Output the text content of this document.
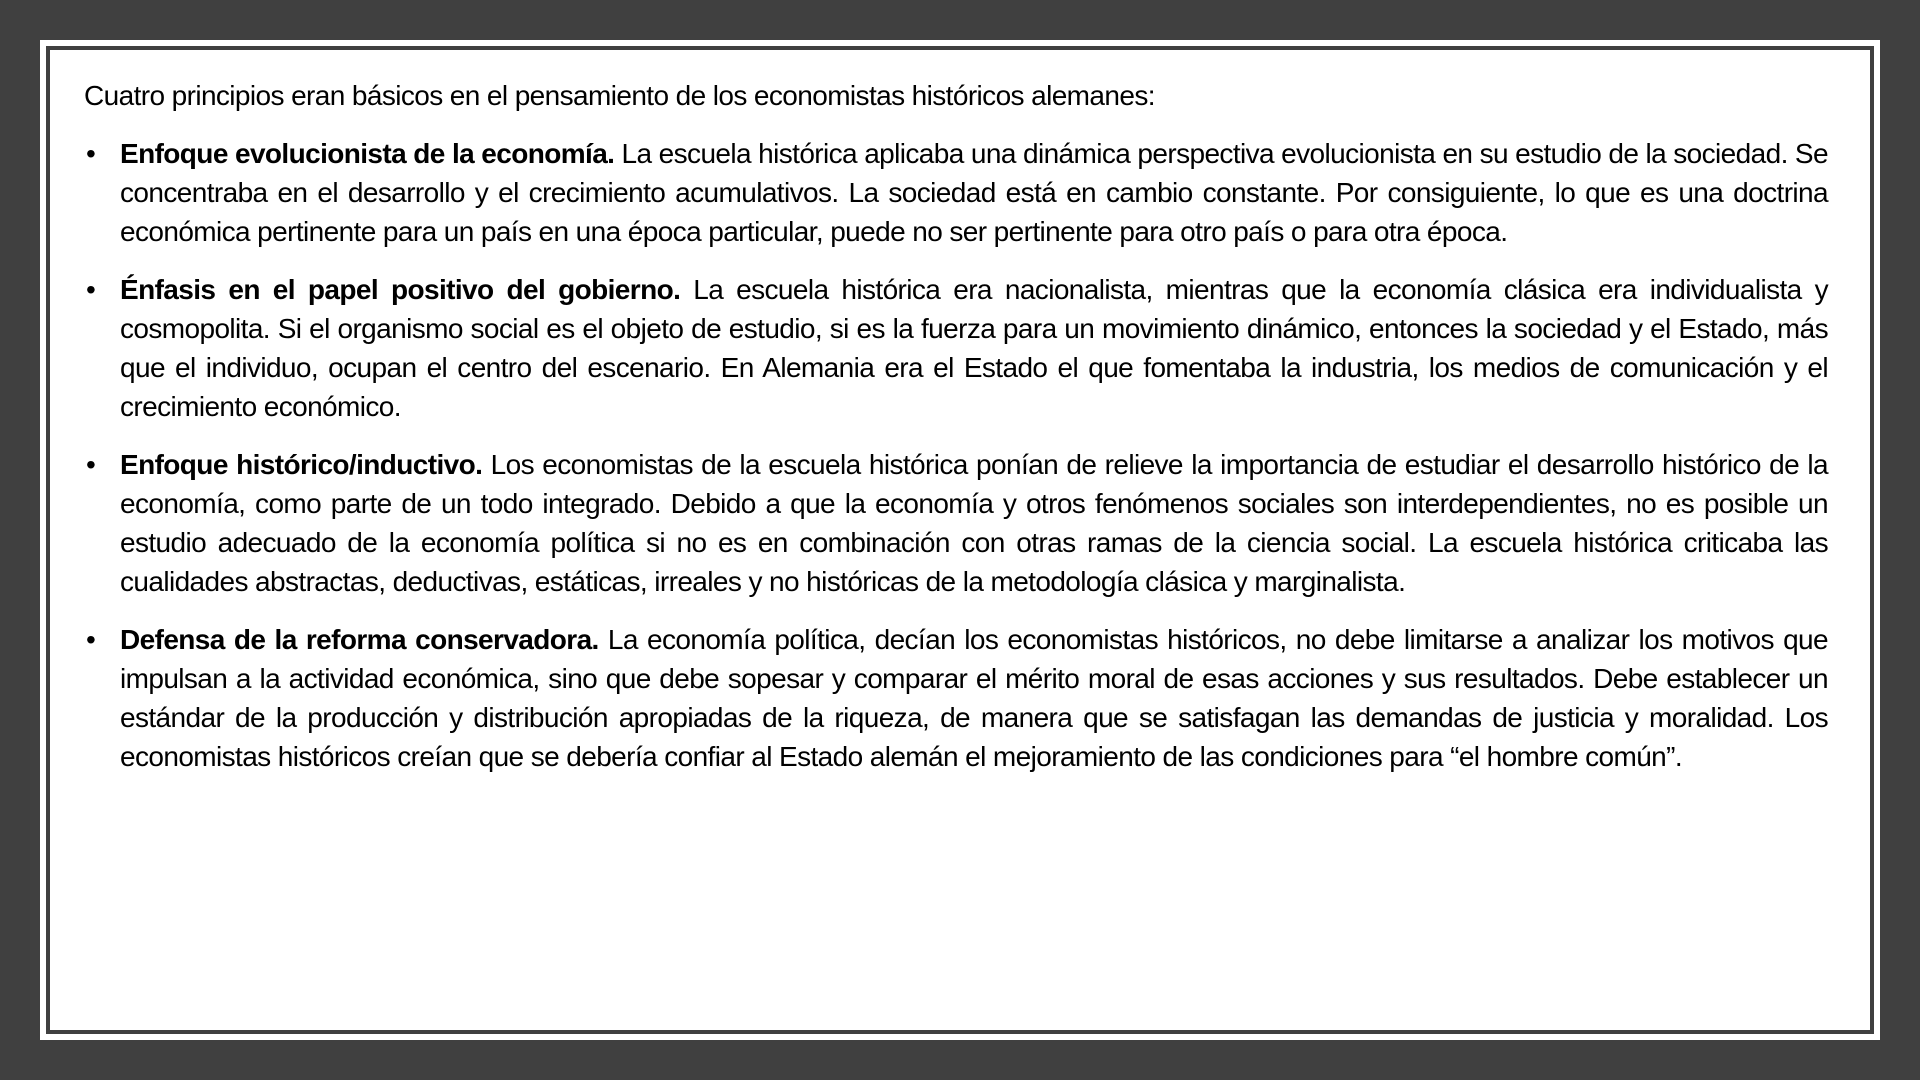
Cuatro principios eran básicos en el pensamiento de los economistas históricos alemanes:

• Enfoque evolucionista de la economía. La escuela histórica aplicaba una dinámica perspectiva evolucionista en su estudio de la sociedad. Se concentraba en el desarrollo y el crecimiento acumulativos. La sociedad está en cambio constante. Por consiguiente, lo que es una doctrina económica pertinente para un país en una época particular, puede no ser pertinente para otro país o para otra época.
• Énfasis en el papel positivo del gobierno. La escuela histórica era nacionalista, mientras que la economía clásica era individualista y cosmopolita. Si el organismo social es el objeto de estudio, si es la fuerza para un movimiento dinámico, entonces la sociedad y el Estado, más que el individuo, ocupan el centro del escenario. En Alemania era el Estado el que fomentaba la industria, los medios de comunicación y el crecimiento económico.
• Enfoque histórico/inductivo. Los economistas de la escuela histórica ponían de relieve la importancia de estudiar el desarrollo histórico de la economía, como parte de un todo integrado. Debido a que la economía y otros fenómenos sociales son interdependientes, no es posible un estudio adecuado de la economía política si no es en combinación con otras ramas de la ciencia social. La escuela histórica criticaba las cualidades abstractas, deductivas, estáticas, irreales y no históricas de la metodología clásica y marginalista.
• Defensa de la reforma conservadora. La economía política, decían los economistas históricos, no debe limitarse a analizar los motivos que impulsan a la actividad económica, sino que debe sopesar y comparar el mérito moral de esas acciones y sus resultados. Debe establecer un estándar de la producción y distribución apropiadas de la riqueza, de manera que se satisfagan las demandas de justicia y moralidad. Los economistas históricos creían que se debería confiar al Estado alemán el mejoramiento de las condiciones para “el hombre común”.
